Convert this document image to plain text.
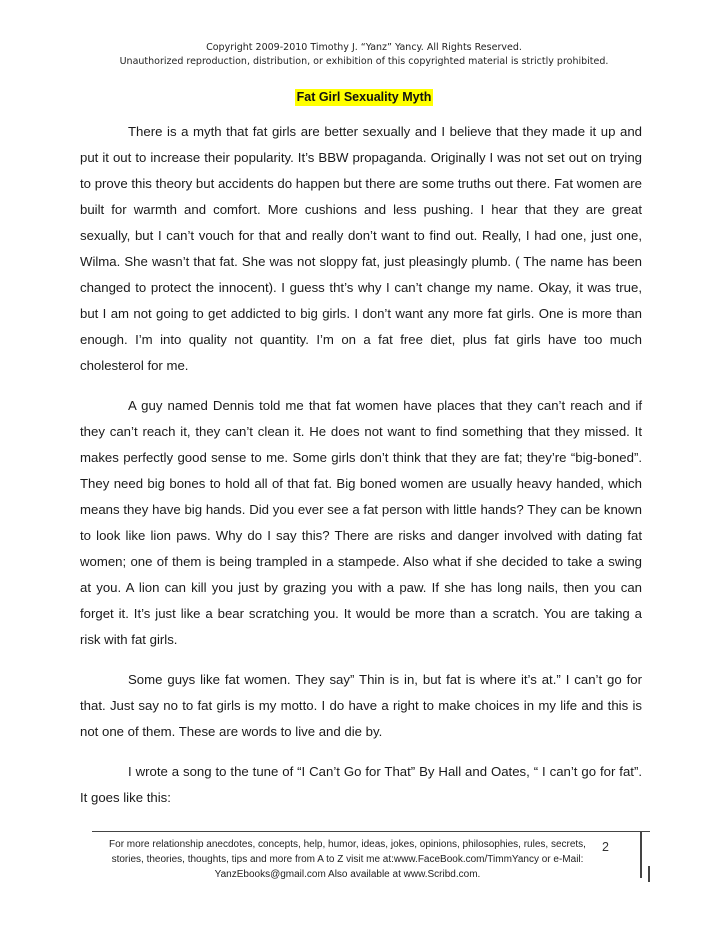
Copyright 2009-2010 Timothy J. “Yanz” Yancy. All Rights Reserved.
Unauthorized reproduction, distribution, or exhibition of this copyrighted material is strictly prohibited.
Fat Girl Sexuality Myth

There is a myth that fat girls are better sexually and I believe that they made it up and put it out to increase their popularity. It’s BBW propaganda. Originally I was not set out on trying to prove this theory but accidents do happen but there are some truths out there. Fat women are built for warmth and comfort. More cushions and less pushing. I hear that they are great sexually, but I can’t vouch for that and really don’t want to find out. Really, I had one, just one, Wilma. She wasn’t that fat. She was not sloppy fat, just pleasingly plumb. ( The name has been changed to protect the innocent). I guess tht’s why I can’t change my name. Okay, it was true, but I am not going to get addicted to big girls. I don’t want any more fat girls. One is more than enough. I’m into quality not quantity. I’m on a fat free diet, plus fat girls have too much cholesterol for me.

A guy named Dennis told me that fat women have places that they can’t reach and if they can’t reach it, they can’t clean it. He does not want to find something that they missed. It makes perfectly good sense to me. Some girls don’t think that they are fat; they’re “big-boned”. They need big bones to hold all of that fat. Big boned women are usually heavy handed, which means they have big hands. Did you ever see a fat person with little hands? They can be known to look like lion paws. Why do I say this? There are risks and danger involved with dating fat women; one of them is being trampled in a stampede. Also what if she decided to take a swing at you. A lion can kill you just by grazing you with a paw. If she has long nails, then you can forget it. It’s just like a bear scratching you. It would be more than a scratch. You are taking a risk with fat girls.

Some guys like fat women. They say” Thin is in, but fat is where it’s at.” I can’t go for that. Just say no to fat girls is my motto. I do have a right to make choices in my life and this is not one of them. These are words to live and die by.

I wrote a song to the tune of “I Can’t Go for That” By Hall and Oates, “ I can’t go for fat”. It goes like this:

For more relationship anecdotes, concepts, help, humor, ideas, jokes, opinions, philosophies, rules, secrets,
stories, theories, thoughts, tips and more from A to Z visit me at:www.FaceBook.com/TimmYancy or e-Mail:
YanzEbooks@gmail.com Also available at www.Scribd.com.
2
